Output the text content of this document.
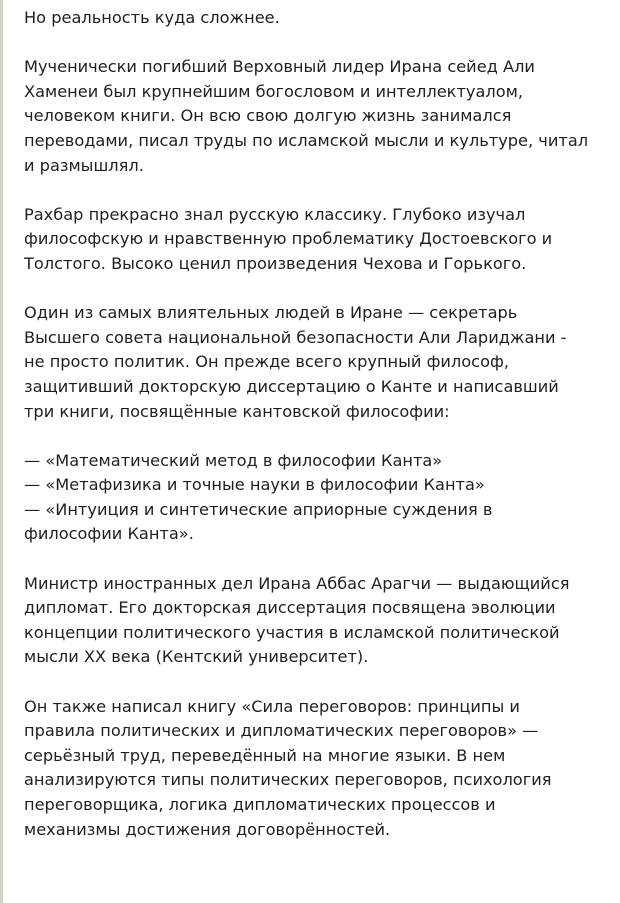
Но реальность куда сложнее.
Мученически погибший Верховный лидер Ирана сейед Али
Хаменеи был крупнейшим богословом и интеллектуалом,
человеком книги. Он всю свою долгую жизнь занимался
переводами, писал труды по исламской мысли и культуре, читал
и размышлял.
Рахбар прекрасно знал русскую классику. Глубоко изучал
философскую и нравственную проблематику Достоевского и
Толстого. Высоко ценил произведения Чехова и Горького.
Один из самых влиятельных людей в Иране — секретарь
Высшего совета национальной безопасности Али Лариджани -
не просто политик. Он прежде всего крупный философ,
защитивший докторскую диссертацию о Канте и написавший
три книги, посвящённые кантовской философии:
— «Математический метод в философии Канта»
— «Метафизика и точные науки в философии Канта»
— «Интуиция и синтетические априорные суждения в
философии Канта».
Министр иностранных дел Ирана Аббас Арагчи — выдающийся
дипломат. Его докторская диссертация посвящена эволюции
концепции политического участия в исламской политической
мысли XX века (Кентский университет).
Он также написал книгу «Сила переговоров: принципы и
правила политических и дипломатических переговоров» —
серьёзный труд, переведённый на многие языки. В нем
анализируются типы политических переговоров, психология
переговорщика, логика дипломатических процессов и
механизмы достижения договорённостей.
